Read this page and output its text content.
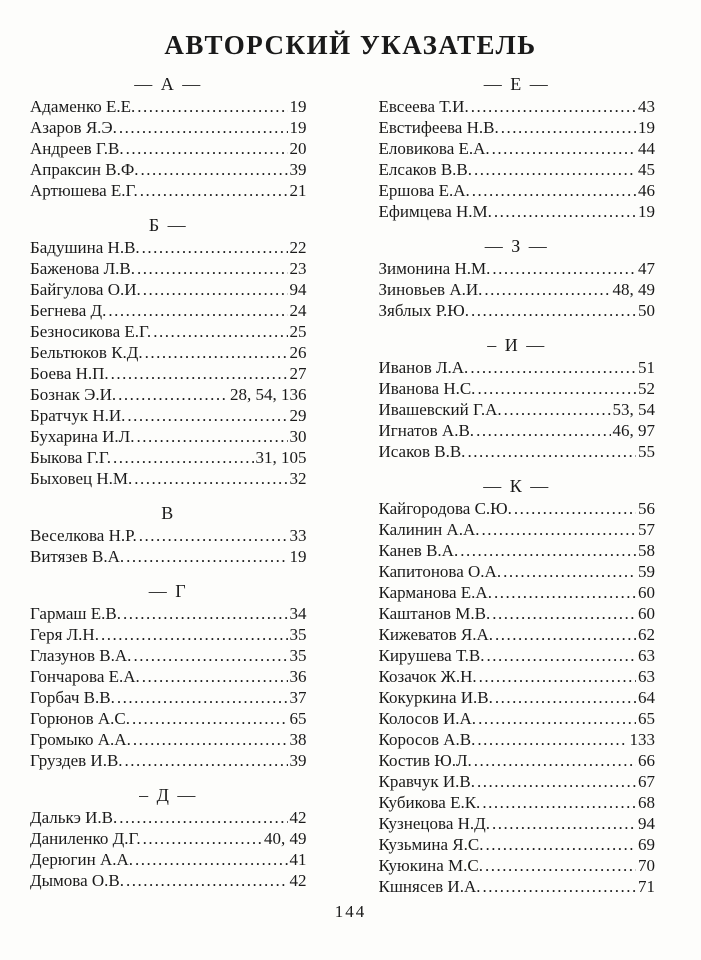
АВТОРСКИЙ УКАЗАТЕЛЬ
— А —
Адаменко Е.Е. .....	19
Азаров Я.Э. .....	19
Андреев Г.В. .....	20
Апраксин В.Ф. .....	39
Артюшева Е.Г. .....	21
Б —
Бадушина Н.В. .....	22
Баженова Л.В. .....	23
Байгулова О.И. .....	94
Бегнева Д. .....	24
Безносикова Е.Г. .....	25
Бельтюков К.Д. .....	26
Боева Н.П. .....	27
Бознак Э.И. .....	28, 54, 136
Братчук Н.И. .....	29
Бухарина И.Л. .....	30
Быкова Г.Г. .....	31, 105
Быховец Н.М. .....	32
В
Веселкова Н.Р. .....	33
Витязев В.А. .....	19
— Г
Гармаш Е.В. .....	34
Геря Л.Н. .....	35
Глазунов В.А. .....	35
Гончарова Е.А. .....	36
Горбач В.В. .....	37
Горюнов А.С. .....	65
Громыко А.А. .....	38
Груздев И.В. .....	39
– Д —
Далькэ И.В. .....	42
Даниленко Д.Г. .....	40, 49
Дерюгин А.А. .....	41
Дымова О.В. .....	42
— Е —
Евсеева Т.И. .....	43
Евстифеева Н.В. .....	19
Еловикова Е.А. .....	44
Елсаков В.В. .....	45
Ершова Е.А. .....	46
Ефимцева Н.М. .....	19
— З —
Зимонина Н.М. .....	47
Зиновьев А.И. .....	48, 49
Зяблых Р.Ю. .....	50
– И —
Иванов Л.А. .....	51
Иванова Н.С. .....	52
Ивашевский Г.А. .....	53, 54
Игнатов А.В. .....	46, 97
Исаков В.В. .....	55
— К —
Кайгородова С.Ю. .....	56
Калинин А.А. .....	57
Канев В.А. .....	58
Капитонова О.А. .....	59
Карманова Е.А. .....	60
Каштанов М.В. .....	60
Кижеватов Я.А. .....	62
Кирушева Т.В. .....	63
Козачок Ж.Н. .....	63
Кокуркина И.В. .....	64
Колосов И.А. .....	65
Коросов А.В. .....	133
Костив Ю.Л. .....	66
Кравчук И.В. .....	67
Кубикова Е.К. .....	68
Кузнецова Н.Д. .....	94
Кузьмина Я.С. .....	69
Куюкина М.С. .....	70
Кшнясев И.А. .....	71
144
